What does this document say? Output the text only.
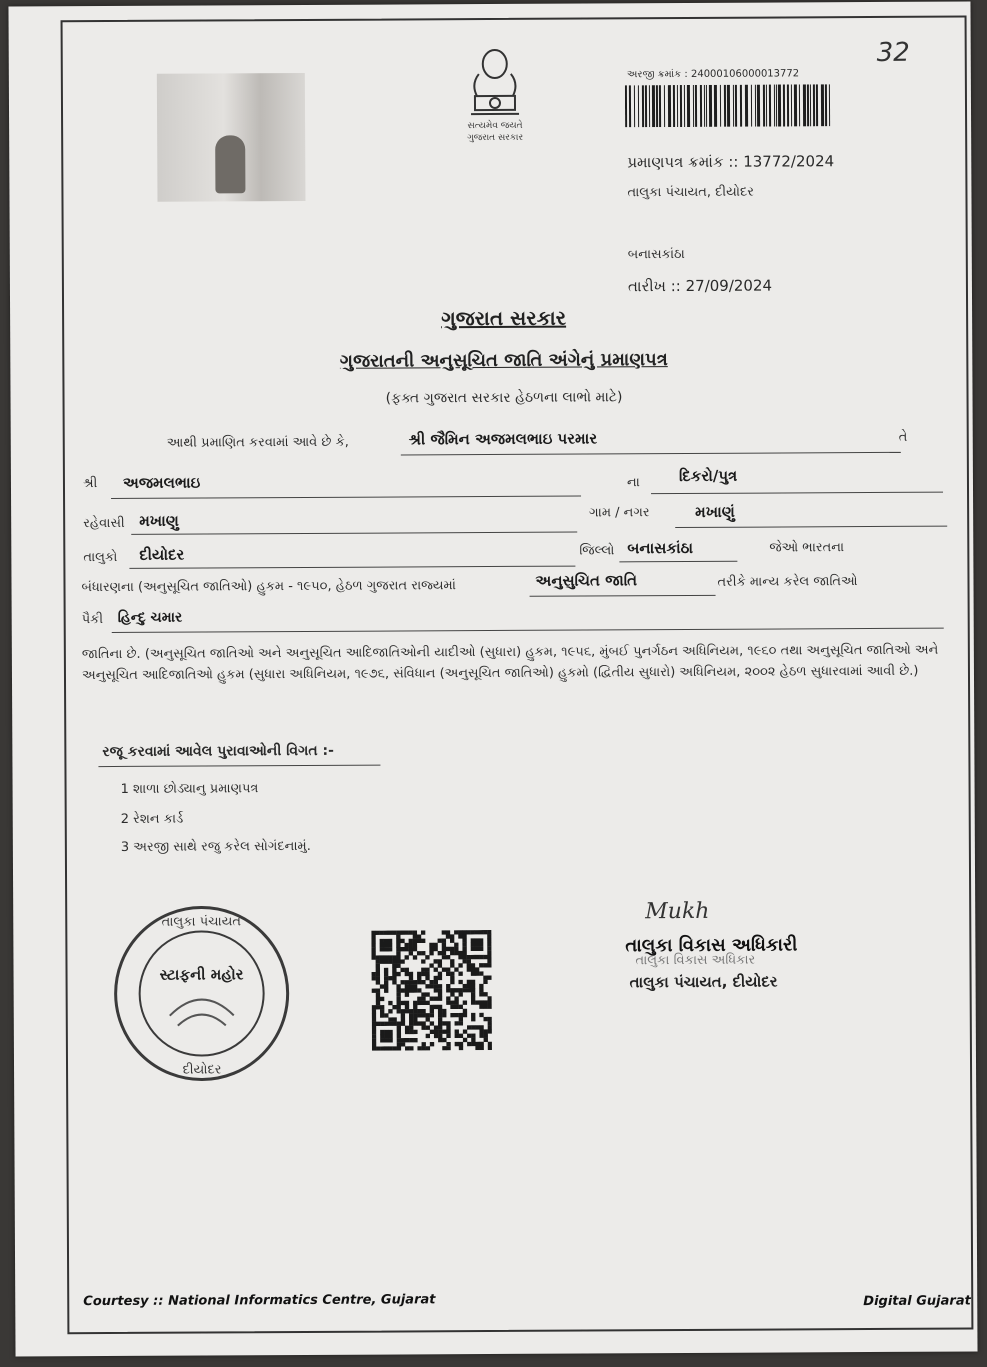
સત્યમેવ જયતે
ગુજરાત સરકાર
અરજી ક્રમાંક : 24000106000013772
32
પ્રમાણપત્ર ક્રમાંક :: 13772/2024
તાલુકા પંચાયત, દીયોદર
બનાસકાંઠા
તારીખ :: 27/09/2024
ગુજરાત સરકાર
ગુજરાતની અનુસૂચિત જાતિ અંગેનું પ્રમાણપત્ર
(ફક્ત ગુજરાત સરકાર હેઠળના લાભો માટે)
આથી પ્રમાણિત કરવામાં આવે છે કે,	શ્રી જૈમિન અજમલભાઇ પરમાર	તે
શ્રી અજમલભાઇ	ના	દિકરો/પુત્ર
રહેવાસી મખાણુ	ગામ / નગર	મખાણું
તાલુકો દીયોદર	જિલ્લો બનાસકાંઠા	જેઓ ભારતના
બંધારણના (અનુસૂચિત જાતિઓ) હુકમ - ૧૯૫૦, હેઠળ ગુજરાત રાજ્યમાં	અનુસુચિત જાતિ	તરીકે માન્ય કરેલ જાતિઓ
પૈકી હિન્દુ ચમાર
જાતિના છે. (અનુસૂચિત જાતિઓ અને અનુસૂચિત આદિજાતિઓની યાદીઓ (સુધારા) હુકમ, ૧૯૫૬, મુંબઈ પુનર્ગઠન અધિનિયમ, ૧૯૬૦ તથા અનુસૂચિત જાતિઓ અને અનુસૂચિત આદિજાતિઓ હુકમ (સુધારા અધિનિયમ, ૧૯૭૬, સંવિધાન (અનુસૂચિત જાતિઓ) હુકમો (દ્વિતીય સુધારો) અધિનિયમ, ૨૦૦૨ હેઠળ સુધારવામાં આવી છે.)
રજૂ કરવામાં આવેલ પુરાવાઓની વિગત :-
1 શાળા છોડ્યાનુ પ્રમાણપત્ર
2 રેશન કાર્ડ
3 અરજી સાથે રજુ કરેલ સોગંદનામું.
તાલુકા પંચાયત
સ્ટાફની મહોર
દીયોદર
Mukh
તાલુકા વિકાસ અધિકારી
તાલુકા વિકાસ અધિકાર
તાલુકા પંચાયત, દીયોદર
Courtesy :: National Informatics Centre, Gujarat	Digital Gujarat
